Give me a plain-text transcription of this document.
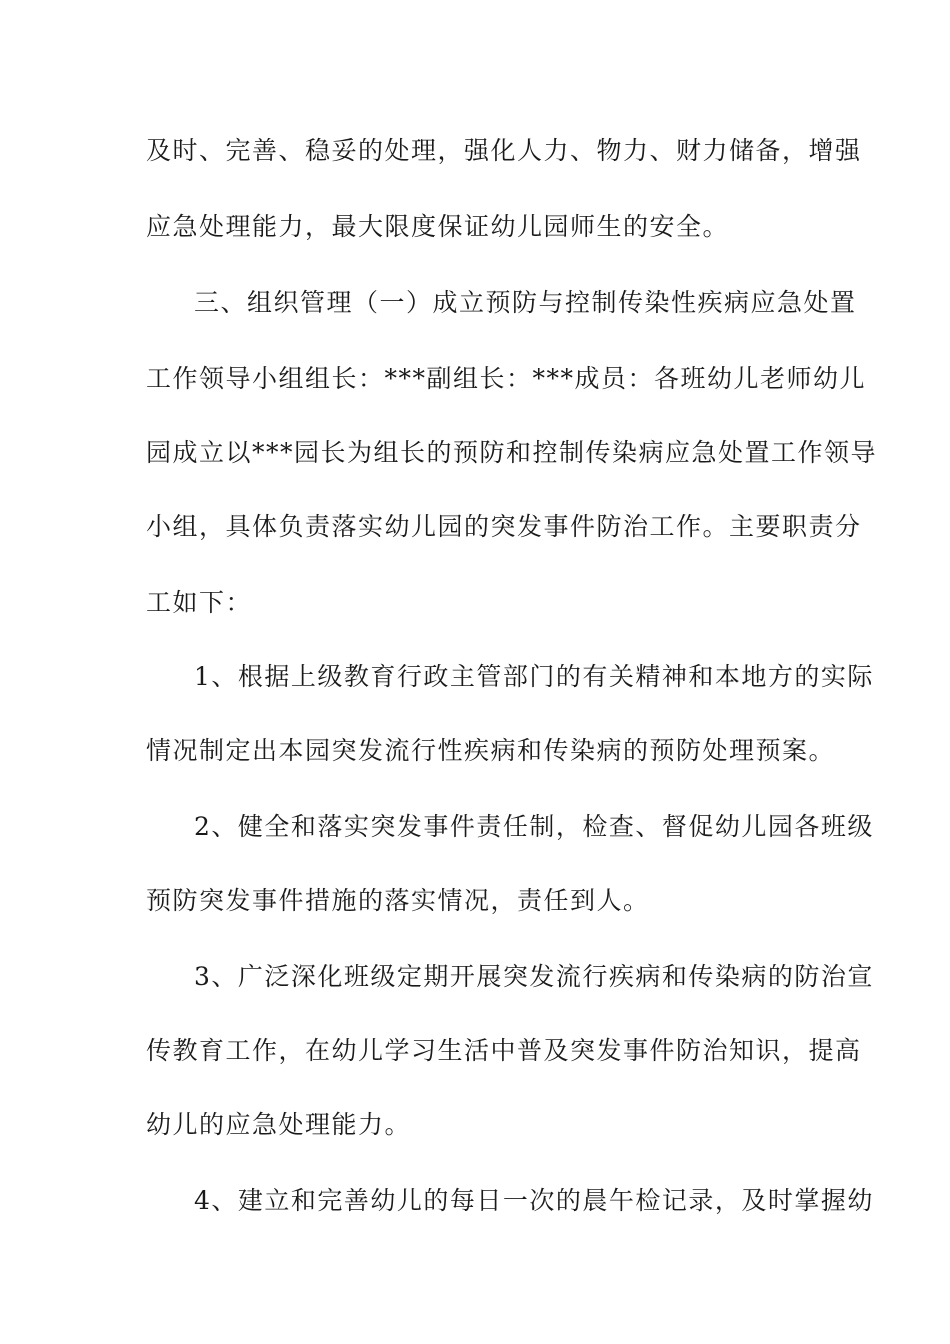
及时、完善、稳妥的处理，强化人力、物力、财力储备，增强
应急处理能力，最大限度保证幼儿园师生的安全。
三、组织管理（一）成立预防与控制传染性疾病应急处置
工作领导小组组长：***副组长：***成员：各班幼儿老师幼儿
园成立以***园长为组长的预防和控制传染病应急处置工作领导
小组，具体负责落实幼儿园的突发事件防治工作。主要职责分
工如下：
1、根据上级教育行政主管部门的有关精神和本地方的实际
情况制定出本园突发流行性疾病和传染病的预防处理预案。
2、健全和落实突发事件责任制，检查、督促幼儿园各班级
预防突发事件措施的落实情况，责任到人。
3、广泛深化班级定期开展突发流行疾病和传染病的防治宣
传教育工作，在幼儿学习生活中普及突发事件防治知识，提高
幼儿的应急处理能力。
4、建立和完善幼儿的每日一次的晨午检记录，及时掌握幼
